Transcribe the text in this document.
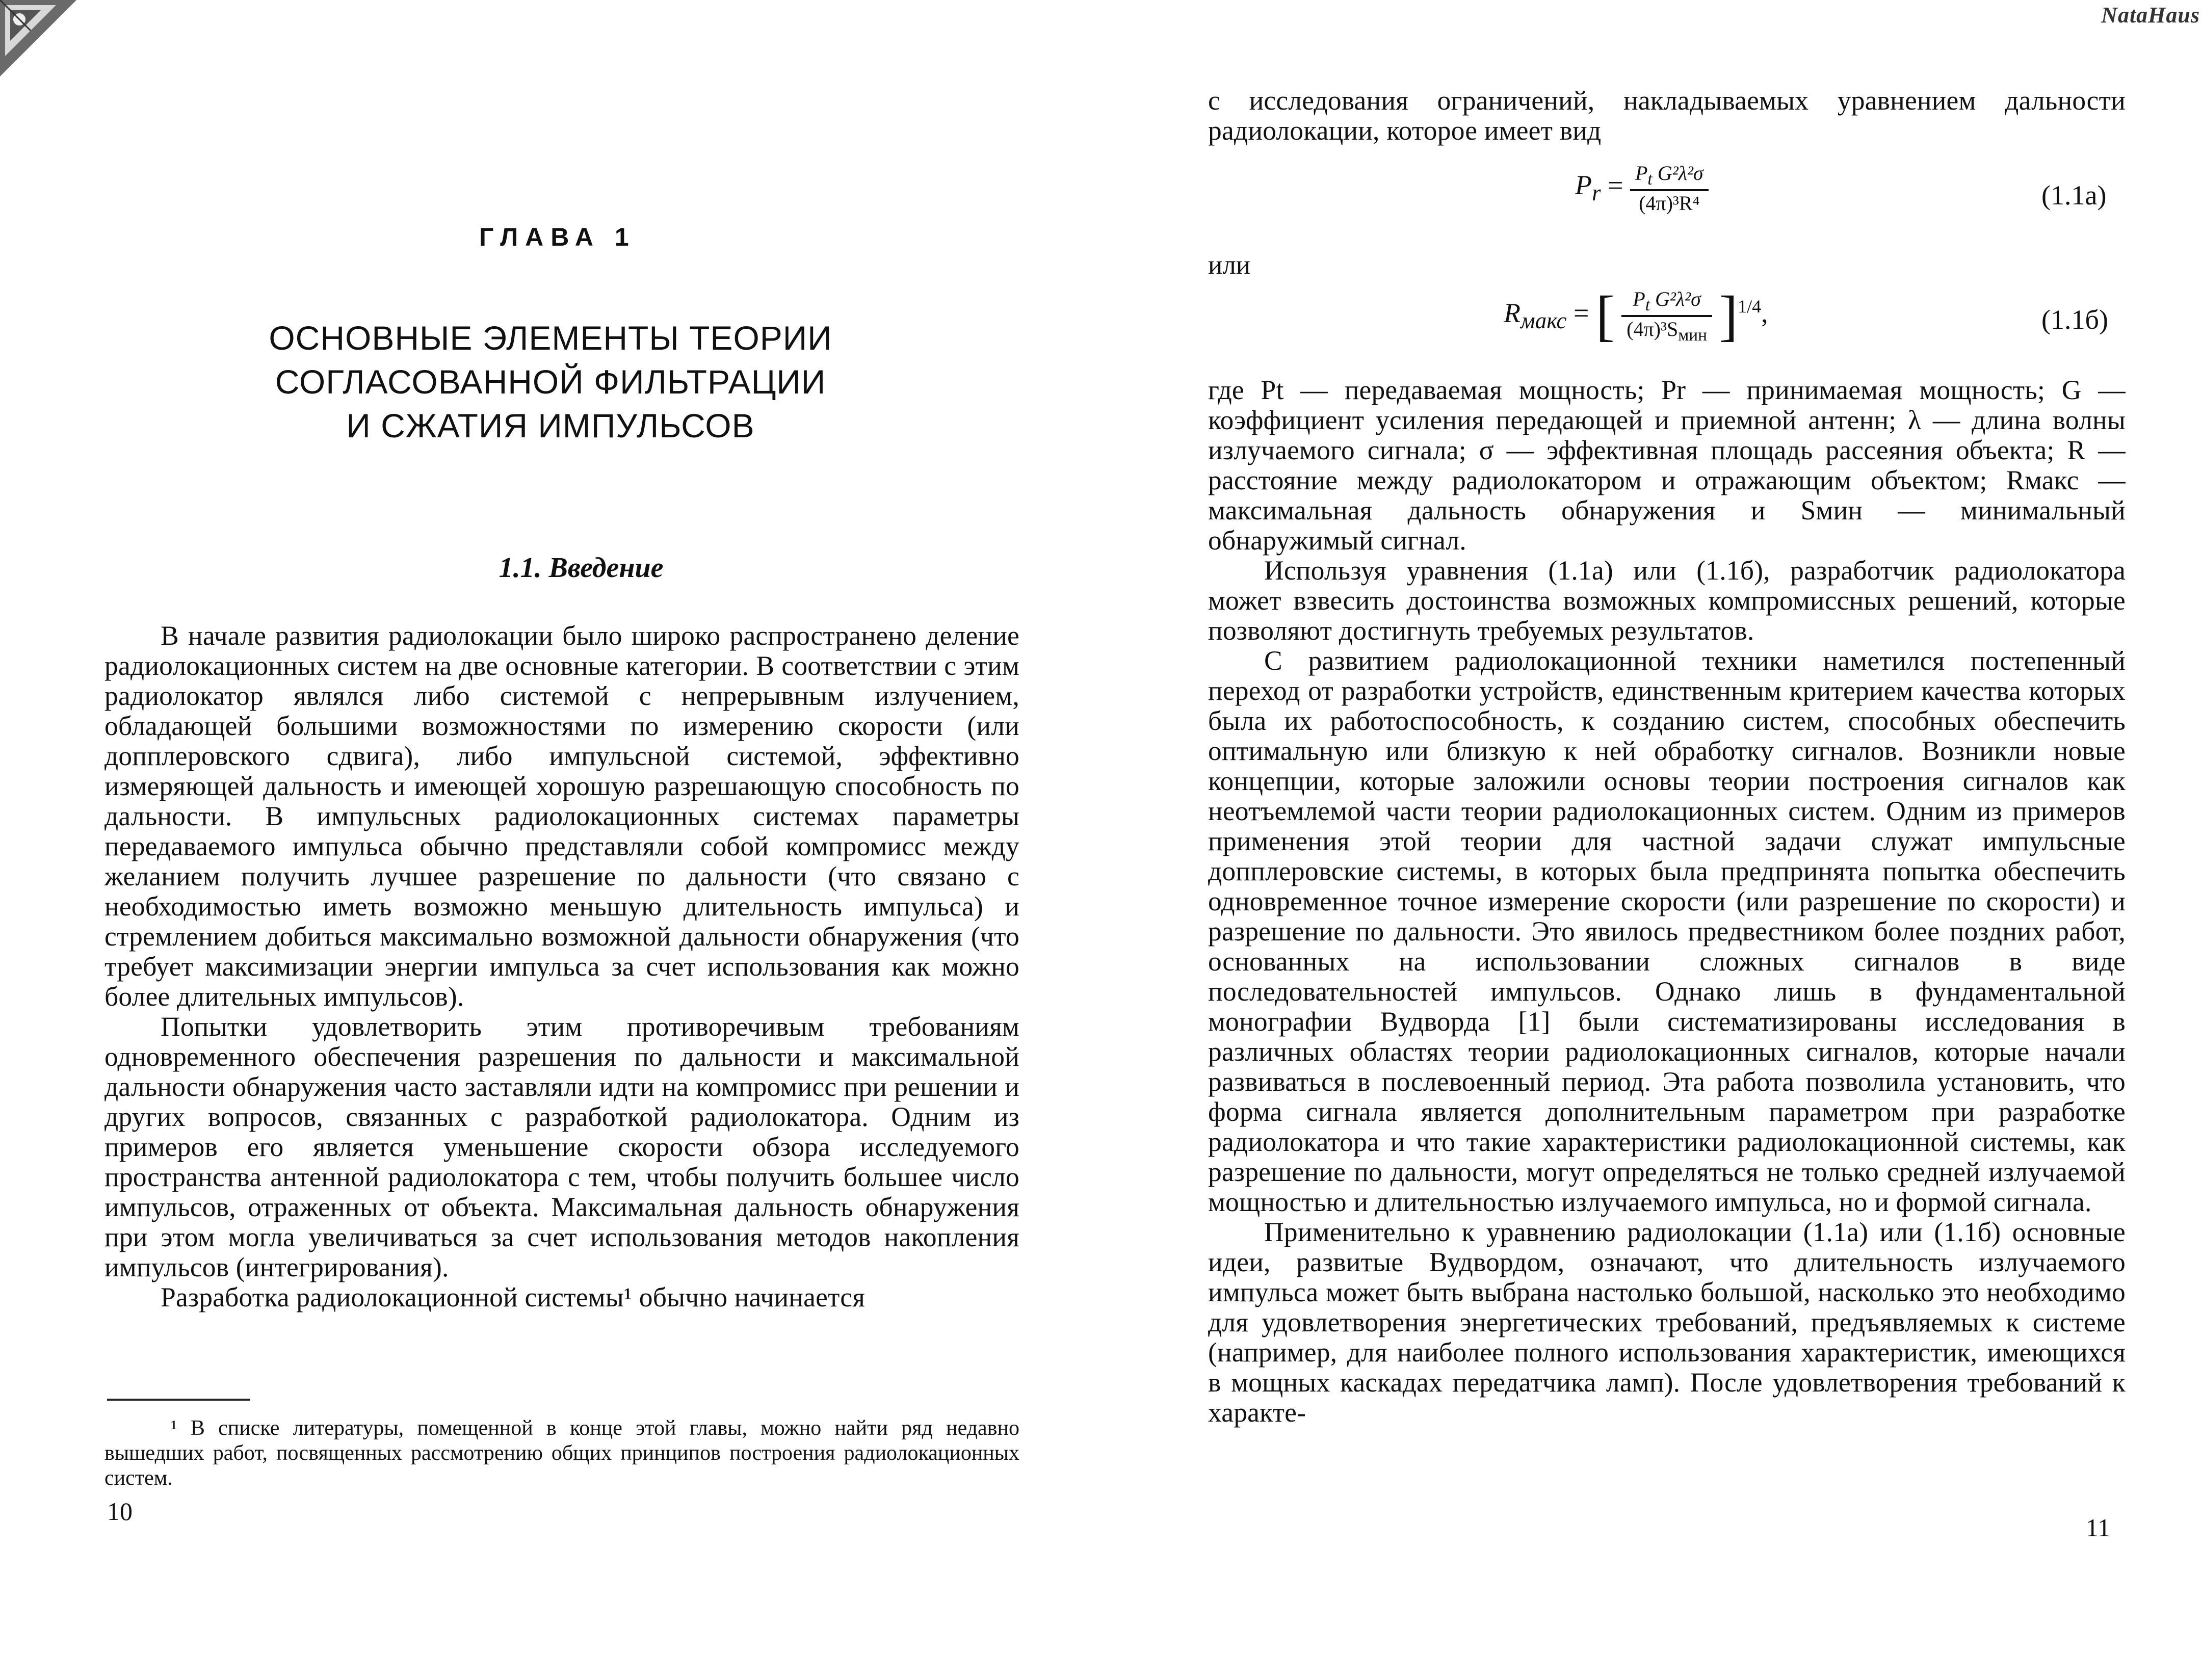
ГЛАВА 1
ОСНОВНЫЕ ЭЛЕМЕНТЫ ТЕОРИИ
СОГЛАСОВАННОЙ ФИЛЬТРАЦИИ
И СЖАТИЯ ИМПУЛЬСОВ
1.1. Введение

В начале развития радиолокации было широко распространено деление радиолокационных систем на две основные категории. В соответствии с этим радиолокатор являлся либо системой с непрерывным излучением, обладающей большими возможностями по измерению скорости (или допплеровского сдвига), либо импульсной системой, эффективно измеряющей дальность и имеющей хорошую разрешающую способность по дальности. В импульсных радиолокационных системах параметры передаваемого импульса обычно представляли собой компромисс между желанием получить лучшее разрешение по дальности (что связано с необходимостью иметь возможно меньшую длительность импульса) и стремлением добиться максимально возможной дальности обнаружения (что требует максимизации энергии импульса за счет использования как можно более длительных импульсов).

Попытки удовлетворить этим противоречивым требованиям одновременного обеспечения разрешения по дальности и максимальной дальности обнаружения часто заставляли идти на компромисс при решении и других вопросов, связанных с разработкой радиолокатора. Одним из примеров его является уменьшение скорости обзора исследуемого пространства антенной радиолокатора с тем, чтобы получить большее число импульсов, отраженных от объекта. Максимальная дальность обнаружения при этом могла увеличиваться за счет использования методов накопления импульсов (интегрирования).

Разработка радиолокационной системы¹ обычно начинается

¹ В списке литературы, помещенной в конце этой главы, можно найти ряд недавно вышедших работ, посвященных рассмотрению общих принципов построения радиолокационных систем.

10
NataHaus

с исследования ограничений, накладываемых уравнением дальности радиолокации, которое имеет вид

$P_r = \frac{P_t G^2\lambda^2\sigma}{\text{(4π)³R⁴}}$	(1.1а)
или
$R_{макс}$ = [ $\frac{P_t G^2\lambda^2\sigma}{(4\pi)^3S_{мин}} ]^{1/4}$,	(1.1б)

где Pt — передаваемая мощность; Pr — принимаемая мощность; G — коэффициент усиления передающей и приемной антенн; λ — длина волны излучаемого сигнала; σ — эффективная площадь рассеяния объекта; R — расстояние между радиолокатором и отражающим объектом; Rмакс — максимальная дальность обнаружения и Sмин — минимальный обнаружимый сигнал.

Используя уравнения (1.1а) или (1.1б), разработчик радиолокатора может взвесить достоинства возможных компромиссных решений, которые позволяют достигнуть требуемых результатов.

С развитием радиолокационной техники наметился постепенный переход от разработки устройств, единственным критерием качества которых была их работоспособность, к созданию систем, способных обеспечить оптимальную или близкую к ней обработку сигналов. Возникли новые концепции, которые заложили основы теории построения сигналов как неотъемлемой части теории радиолокационных систем. Одним из примеров применения этой теории для частной задачи служат импульсные допплеровские системы, в которых была предпринята попытка обеспечить одновременное точное измерение скорости (или разрешение по скорости) и разрешение по дальности. Это явилось предвестником более поздних работ, основанных на использовании сложных сигналов в виде последовательностей импульсов. Однако лишь в фундаментальной монографии Вудворда [1] были систематизированы исследования в различных областях теории радиолокационных сигналов, которые начали развиваться в послевоенный период. Эта работа позволила установить, что форма сигнала является дополнительным параметром при разработке радиолокатора и что такие характеристики радиолокационной системы, как разрешение по дальности, могут определяться не только средней излучаемой мощностью и длительностью излучаемого импульса, но и формой сигнала.

Применительно к уравнению радиолокации (1.1а) или (1.1б) основные идеи, развитые Вудвордом, означают, что длительность излучаемого импульса может быть выбрана настолько большой, насколько это необходимо для удовлетворения энергетических требований, предъявляемых к системе (например, для наиболее полного использования характеристик, имеющихся в мощных каскадах передатчика ламп). После удовлетворения требований к характе-

11
